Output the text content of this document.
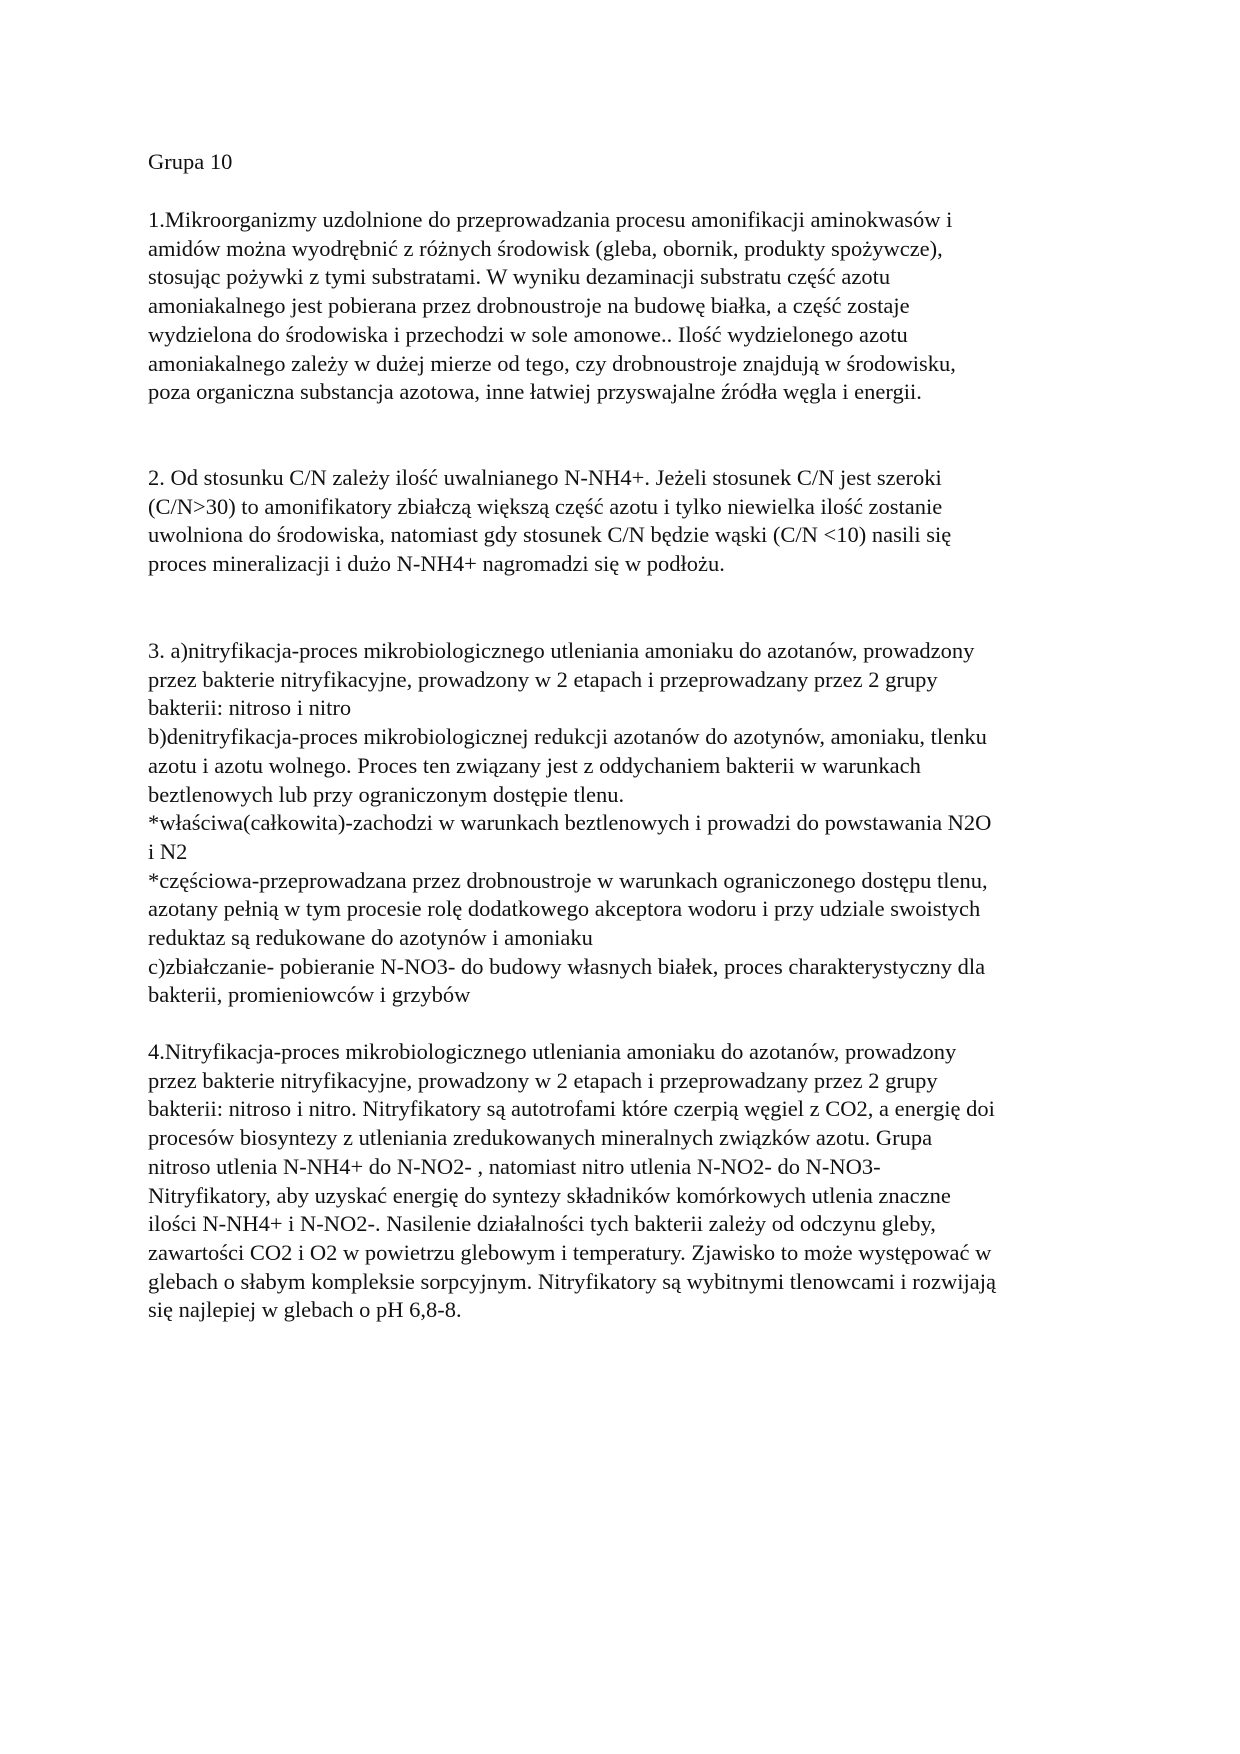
Grupa 10
1.Mikroorganizmy uzdolnione do przeprowadzania procesu amonifikacji aminokwasów i
amidów można wyodrębnić z różnych środowisk (gleba, obornik, produkty spożywcze),
stosując pożywki z tymi substratami. W wyniku dezaminacji substratu część azotu
amoniakalnego jest pobierana przez drobnoustroje na budowę białka, a część zostaje
wydzielona do środowiska i przechodzi w sole amonowe.. Ilość wydzielonego azotu
amoniakalnego zależy w dużej mierze od tego, czy drobnoustroje znajdują w środowisku,
poza organiczna substancja azotowa, inne łatwiej przyswajalne źródła węgla i energii.
2. Od stosunku C/N zależy ilość uwalnianego N-NH4+. Jeżeli stosunek C/N jest szeroki
(C/N>30) to amonifikatory zbiałczą większą część azotu i tylko niewielka ilość zostanie
uwolniona do środowiska, natomiast gdy stosunek C/N będzie wąski (C/N <10) nasili się
proces mineralizacji i dużo N-NH4+ nagromadzi się w podłożu.
3. a)nitryfikacja-proces mikrobiologicznego utleniania amoniaku do azotanów, prowadzony
przez bakterie nitryfikacyjne, prowadzony w 2 etapach i przeprowadzany przez 2 grupy
bakterii: nitroso i nitro
b)denitryfikacja-proces mikrobiologicznej redukcji azotanów do azotynów, amoniaku, tlenku
azotu i azotu wolnego. Proces ten związany jest z oddychaniem bakterii w warunkach
beztlenowych lub przy ograniczonym dostępie tlenu.
*właściwa(całkowita)-zachodzi w warunkach beztlenowych i prowadzi do powstawania N2O
i N2
*częściowa-przeprowadzana przez drobnoustroje w warunkach ograniczonego dostępu tlenu,
azotany pełnią w tym procesie rolę dodatkowego akceptora wodoru i przy udziale swoistych
reduktaz są redukowane do azotynów i amoniaku
c)zbiałczanie- pobieranie N-NO3- do budowy własnych białek, proces charakterystyczny dla
bakterii, promieniowców i grzybów
4.Nitryfikacja-proces mikrobiologicznego utleniania amoniaku do azotanów, prowadzony
przez bakterie nitryfikacyjne, prowadzony w 2 etapach i przeprowadzany przez 2 grupy
bakterii: nitroso i nitro. Nitryfikatory są autotrofami które czerpią węgiel z CO2, a energię doi
procesów biosyntezy z utleniania zredukowanych mineralnych związków azotu. Grupa
nitroso utlenia N-NH4+ do N-NO2- , natomiast nitro utlenia N-NO2- do N-NO3-
Nitryfikatory, aby uzyskać energię do syntezy składników komórkowych utlenia znaczne
ilości N-NH4+ i N-NO2-. Nasilenie działalności tych bakterii zależy od odczynu gleby,
zawartości CO2 i O2 w powietrzu glebowym i temperatury. Zjawisko to może występować w
glebach o słabym kompleksie sorpcyjnym. Nitryfikatory są wybitnymi tlenowcami i rozwijają
się najlepiej w glebach o pH 6,8-8.
